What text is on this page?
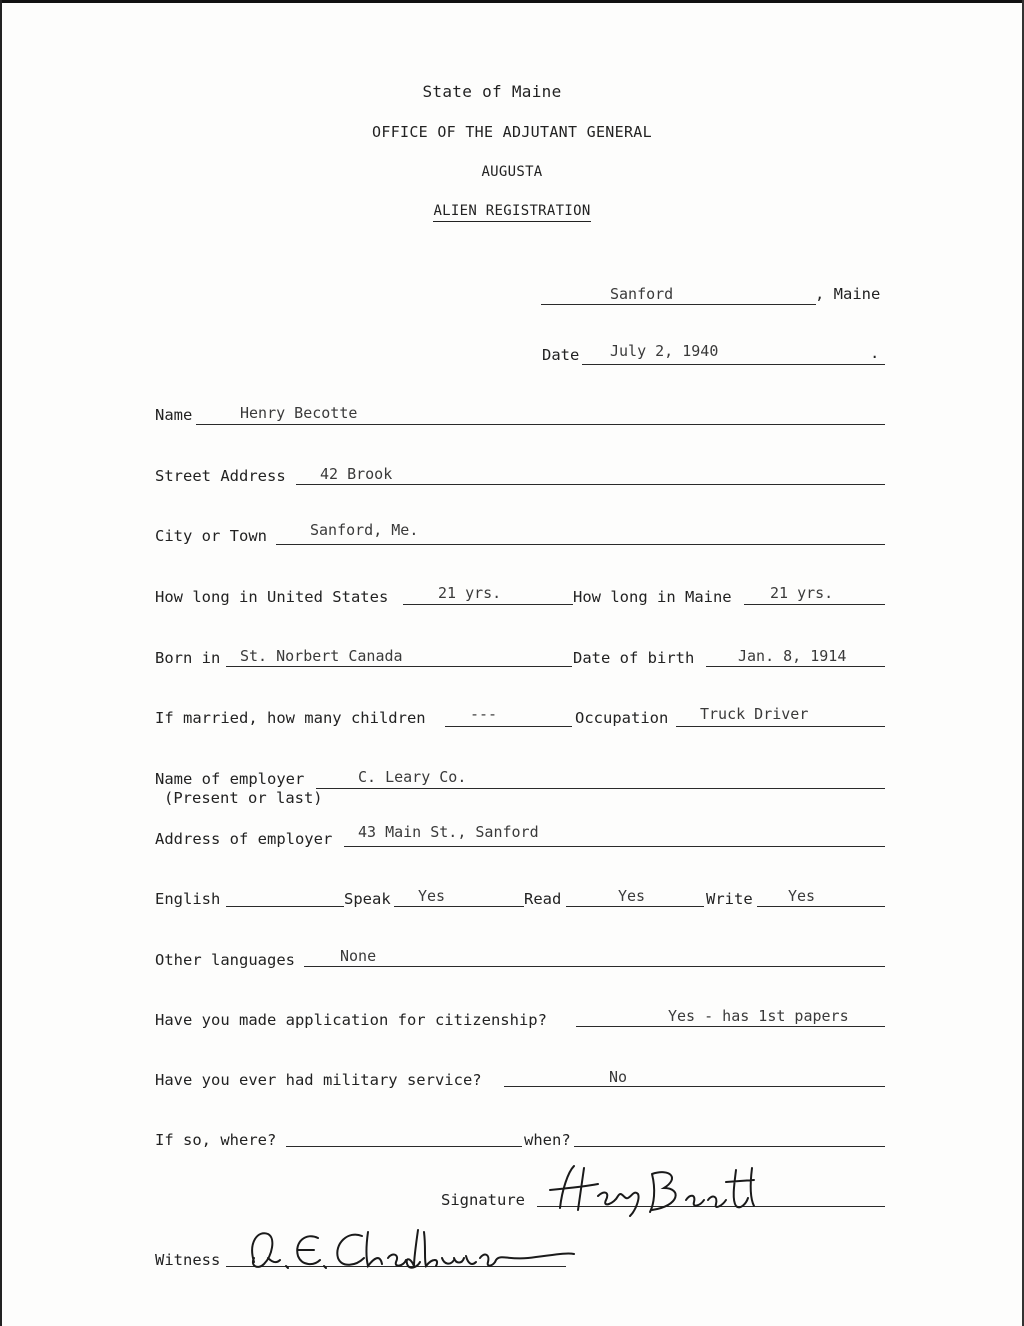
State of Maine
OFFICE OF THE ADJUTANT GENERAL
AUGUSTA
ALIEN REGISTRATION
Sanford	, Maine
Date July 2, 1940	.
Name	Henry Becotte
Street Address 42 Brook
City or Town	Sanford, Me.
How long in United States	21 yrs.	How long in Maine	21 yrs.
Born in St. Norbert Canada	Date of birth	Jan. 8, 1914
If married, how many children	---	Occupation Truck Driver
Name of employer
(Present or last)
C. Leary Co.
Address of employer 43 Main St., Sanford
English	Speak Yes	Read	Yes	Write Yes
Other languages	None
Have you made application for citizenship?	Yes - has 1st papers
Have you ever had military service?	No
If so, where?	when?
Signature
Witness
